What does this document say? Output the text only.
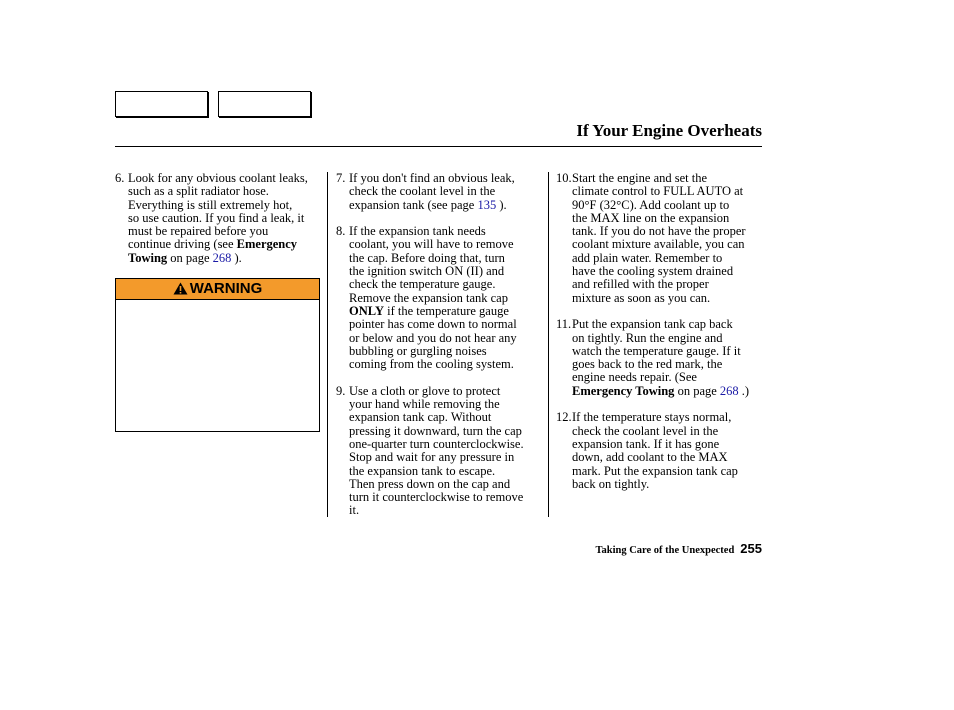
If Your Engine Overheats
6. Look for any obvious coolant leaks,
such as a split radiator hose.
Everything is still extremely hot,
so use caution. If you find a leak, it
must be repaired before you
continue driving (see Emergency
Towing on page 268 ).
WARNING
7. If you don't find an obvious leak,
check the coolant level in the
expansion tank (see page 135 ).
8. If the expansion tank needs
coolant, you will have to remove
the cap. Before doing that, turn
the ignition switch ON (II) and
check the temperature gauge.
Remove the expansion tank cap
ONLY if the temperature gauge
pointer has come down to normal
or below and you do not hear any
bubbling or gurgling noises
coming from the cooling system.
9. Use a cloth or glove to protect
your hand while removing the
expansion tank cap. Without
pressing it downward, turn the cap
one-quarter turn counterclockwise.
Stop and wait for any pressure in
the expansion tank to escape.
Then press down on the cap and
turn it counterclockwise to remove
it.
10. Start the engine and set the
climate control to FULL AUTO at
90°F (32°C). Add coolant up to
the MAX line on the expansion
tank. If you do not have the proper
coolant mixture available, you can
add plain water. Remember to
have the cooling system drained
and refilled with the proper
mixture as soon as you can.
11. Put the expansion tank cap back
on tightly. Run the engine and
watch the temperature gauge. If it
goes back to the red mark, the
engine needs repair. (See
Emergency Towing on page 268 .)
12. If the temperature stays normal,
check the coolant level in the
expansion tank. If it has gone
down, add coolant to the MAX
mark. Put the expansion tank cap
back on tightly.
Taking Care of the Unexpected 255
